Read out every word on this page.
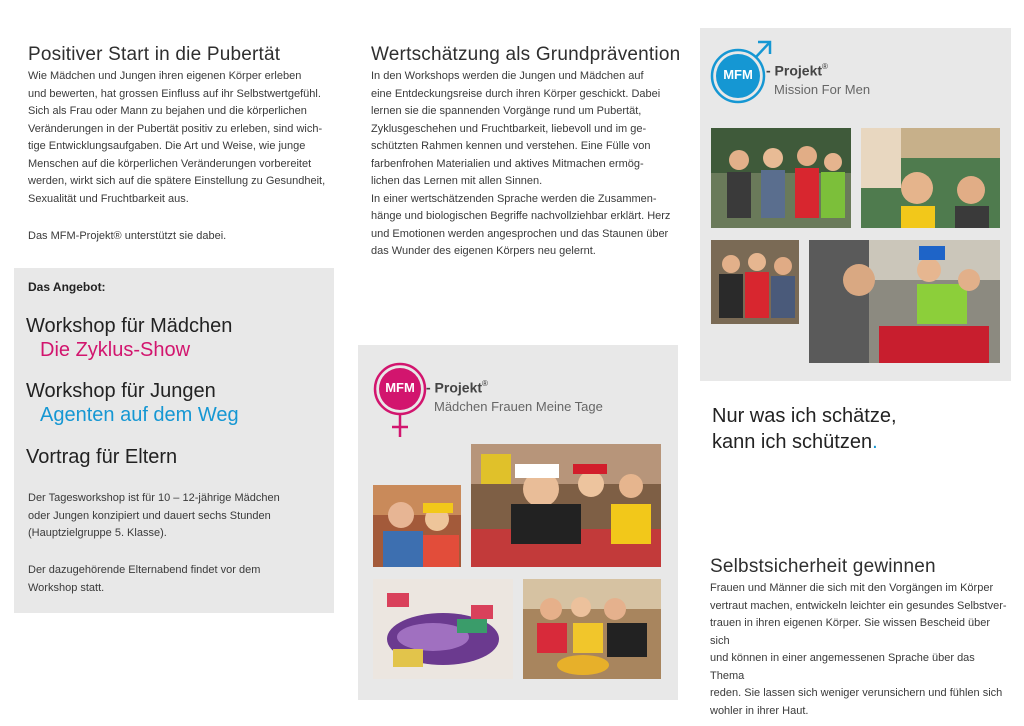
Positiver Start in die Pubertät

Wie Mädchen und Jungen ihren eigenen Körper erleben

und bewerten, hat grossen Einfluss auf ihr Selbstwertgefühl.

Sich als Frau oder Mann zu bejahen und die körperlichen

Veränderungen in der Pubertät positiv zu erleben, sind wich-

tige Entwicklungsaufgaben. Die Art und Weise, wie junge

Menschen auf die körperlichen Veränderungen vorbereitet

werden, wirkt sich auf die spätere Einstellung zu Gesundheit,

Sexualität und Fruchtbarkeit aus.

Das MFM-Projekt® unterstützt sie dabei.

Das Angebot:
Workshop für Mädchen
Die Zyklus-Show
Workshop für Jungen
Agenten auf dem Weg
Vortrag für Eltern

Der Tagesworkshop ist für 10 – 12-jährige Mädchen

oder Jungen konzipiert und dauert sechs Stunden

(Hauptzielgruppe 5. Klasse).

Der dazugehörende Elternabend findet vor dem

Workshop statt.

Wertschätzung als Grundprävention

In den Workshops werden die Jungen und Mädchen auf

eine Entdeckungsreise durch ihren Körper geschickt. Dabei

lernen sie die spannenden Vorgänge rund um Pubertät,

Zyklusgeschehen und Fruchtbarkeit, liebevoll und im ge-

schützten Rahmen kennen und verstehen. Eine Fülle von

farbenfrohen Materialien und aktives Mitmachen ermög-

lichen das Lernen mit allen Sinnen.

In einer wertschätzenden Sprache werden die Zusammen-

hänge und biologischen Begriffe nachvollziehbar erklärt. Herz

und Emotionen werden angesprochen und das Staunen über

das Wunder des eigenen Körpers neu gelernt.

MFM - Projekt®
Mädchen Frauen Meine Tage
MFM - Projekt®
Mission For Men
Nur was ich schätze,
kann ich schützen.
Selbstsicherheit gewinnen

Frauen und Männer die sich mit den Vorgängen im Körper

vertraut machen, entwickeln leichter ein gesundes Selbstver-

trauen in ihren eigenen Körper. Sie wissen Bescheid über sich

und können in einer angemessenen Sprache über das Thema

reden. Sie lassen sich weniger verunsichern und fühlen sich

wohler in ihrer Haut.
